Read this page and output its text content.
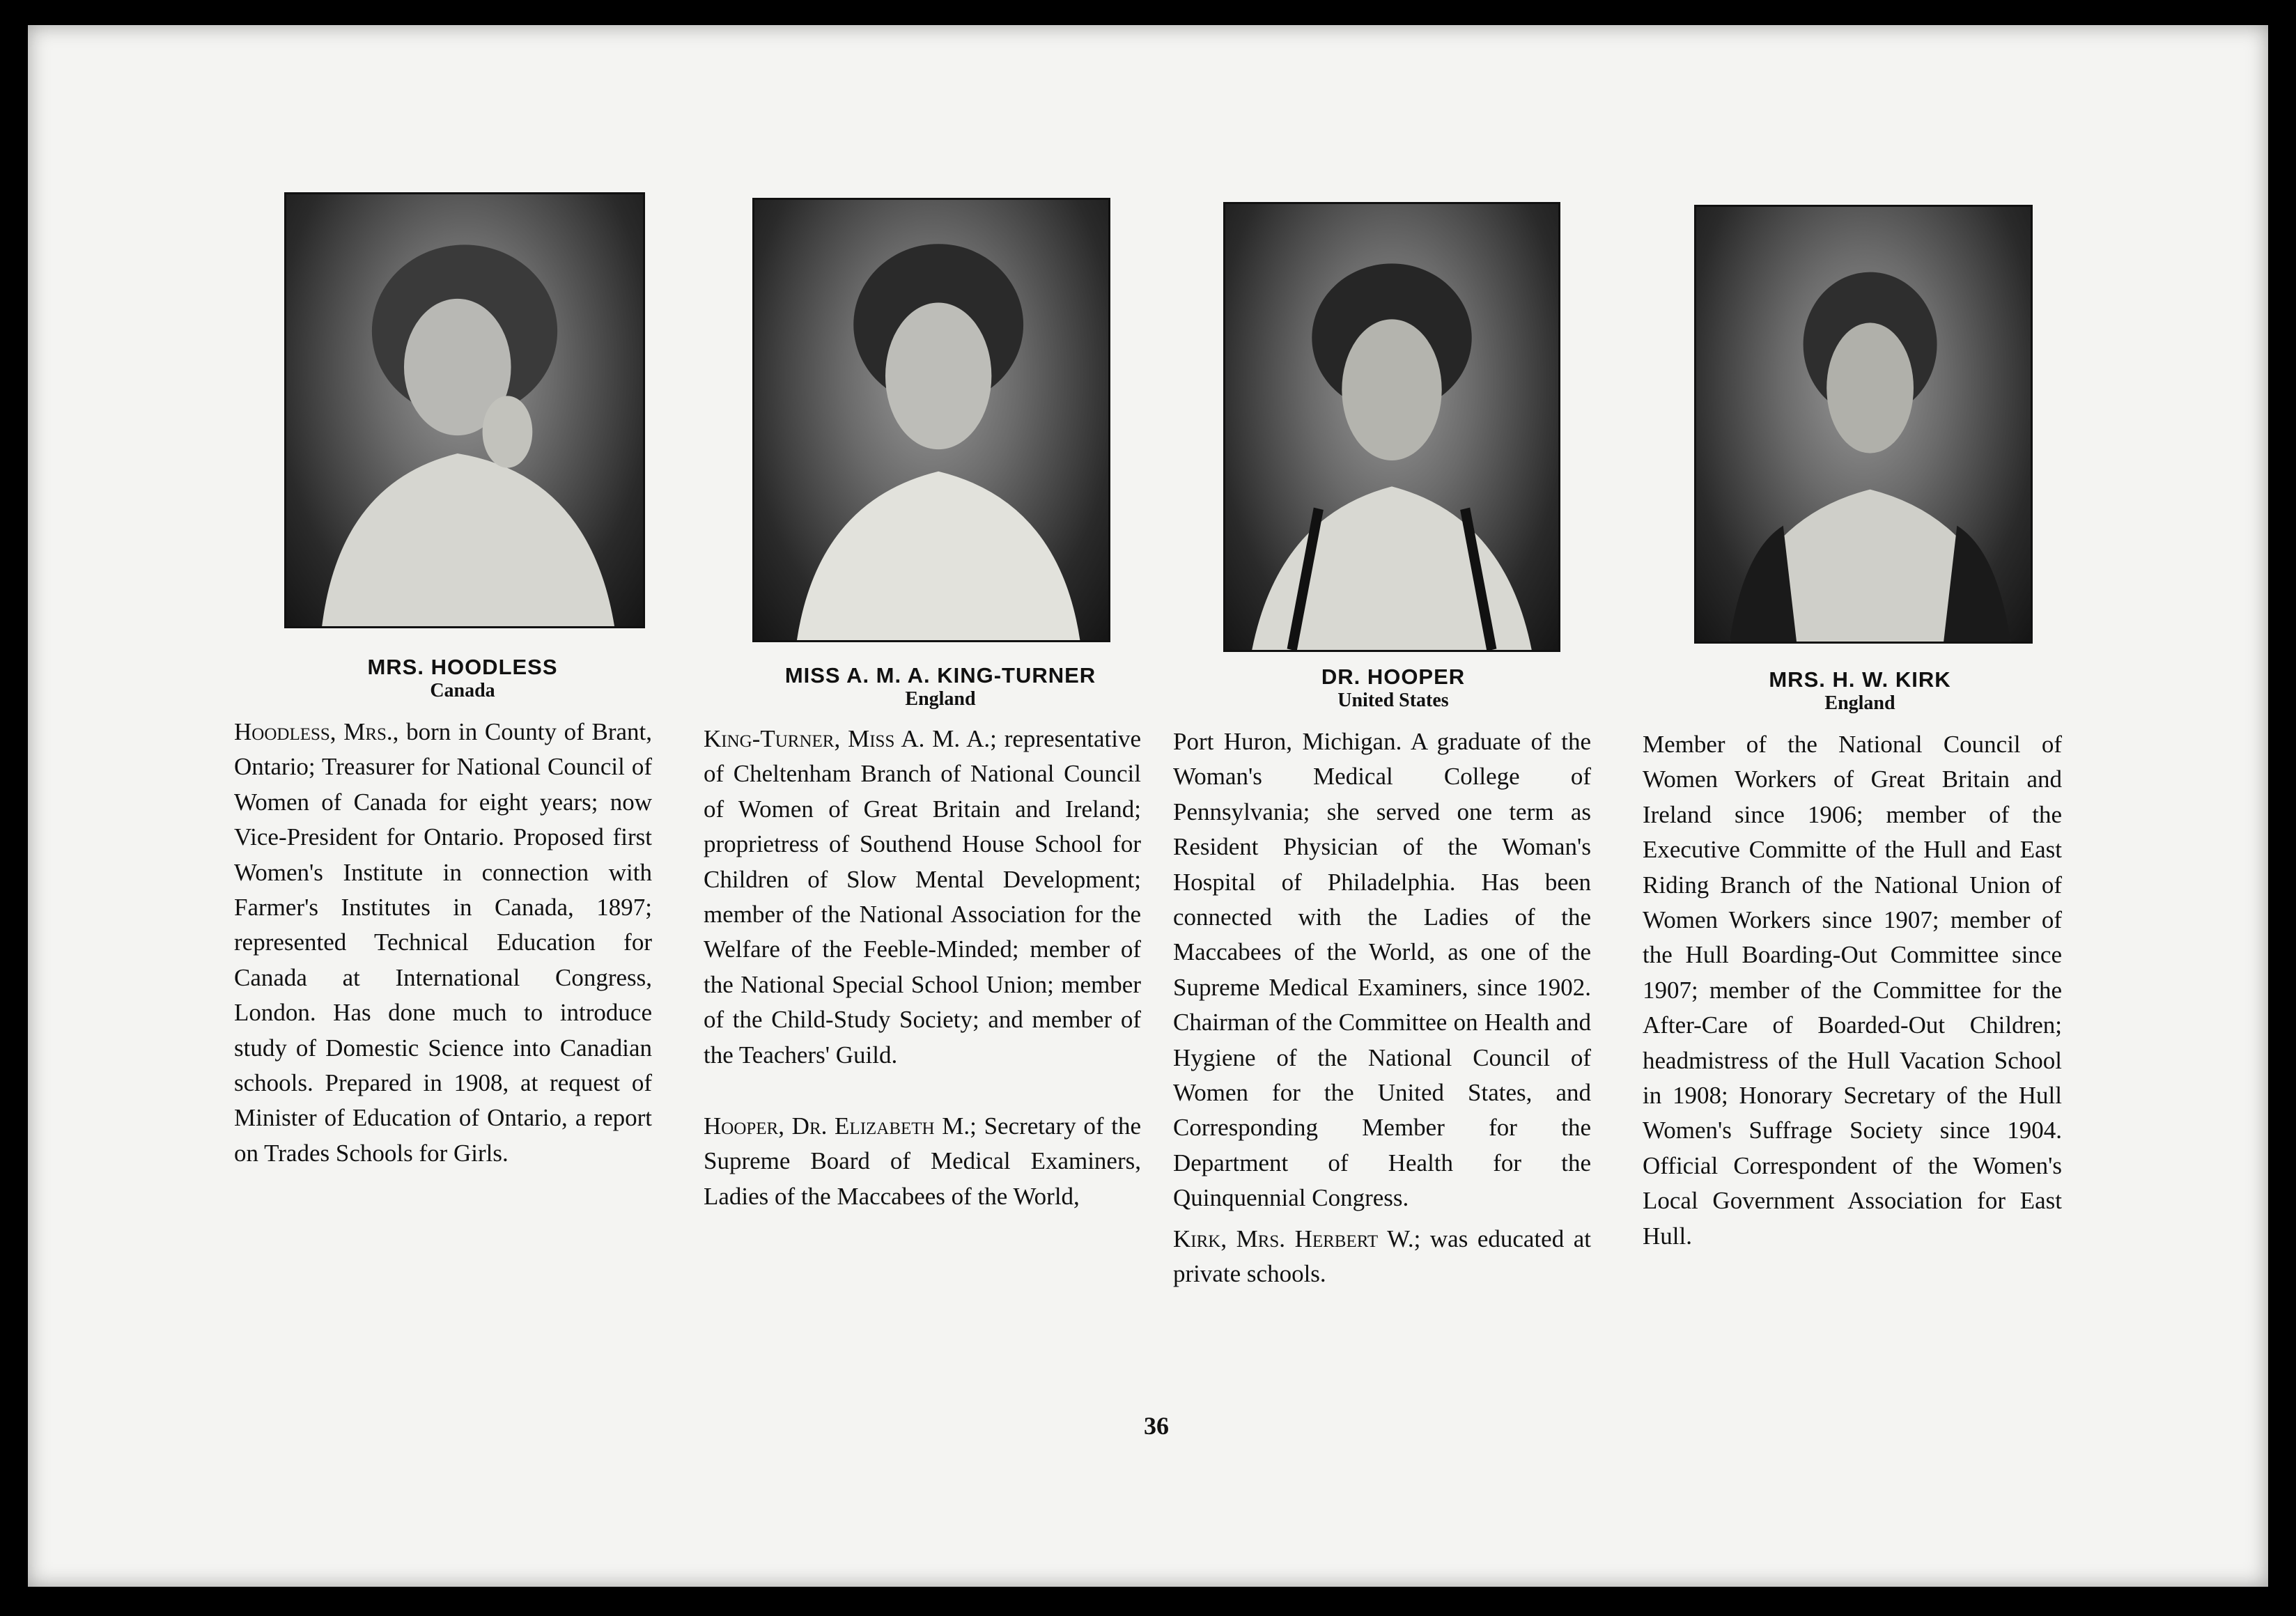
MRS. HOODLESS
Canada
MISS A. M. A. KING-TURNER
England
DR. HOOPER
United States
MRS. H. W. KIRK
England

Hoodless, Mrs., born in County of Brant, Ontario; Treasurer for National Council of Women of Canada for eight years; now Vice-President for Ontario. Proposed first Women's Institute in connection with Farmer's Institutes in Canada, 1897; represented Technical Education for Canada at International Congress, London. Has done much to introduce study of Domestic Science into Canadian schools. Prepared in 1908, at request of Minister of Education of Ontario, a report on Trades Schools for Girls.

King-Turner, Miss A. M. A.; representative of Cheltenham Branch of National Council of Women of Great Britain and Ireland; proprietress of Southend House School for Children of Slow Mental Development; member of the National Association for the Welfare of the Feeble-Minded; member of the National Special School Union; member of the Child-Study Society; and member of the Teachers' Guild.

Hooper, Dr. Elizabeth M.; Secretary of the Supreme Board of Medical Examiners, Ladies of the Maccabees of the World,

Port Huron, Michigan. A graduate of the Woman's Medical College of Pennsylvania; she served one term as Resident Physician of the Woman's Hospital of Philadelphia. Has been connected with the Ladies of the Maccabees of the World, as one of the Supreme Medical Examiners, since 1902. Chairman of the Committee on Health and Hygiene of the National Council of Women for the United States, and Corresponding Member for the Department of Health for the Quinquennial Congress.

Kirk, Mrs. Herbert W.; was educated at private schools.

Member of the National Council of Women Workers of Great Britain and Ireland since 1906; member of the Executive Committe of the Hull and East Riding Branch of the National Union of Women Workers since 1907; member of the Hull Boarding-Out Committee since 1907; member of the Committee for the After-Care of Boarded-Out Children; headmistress of the Hull Vacation School in 1908; Honorary Secretary of the Hull Women's Suffrage Society since 1904. Official Correspondent of the Women's Local Government Association for East Hull.

36
